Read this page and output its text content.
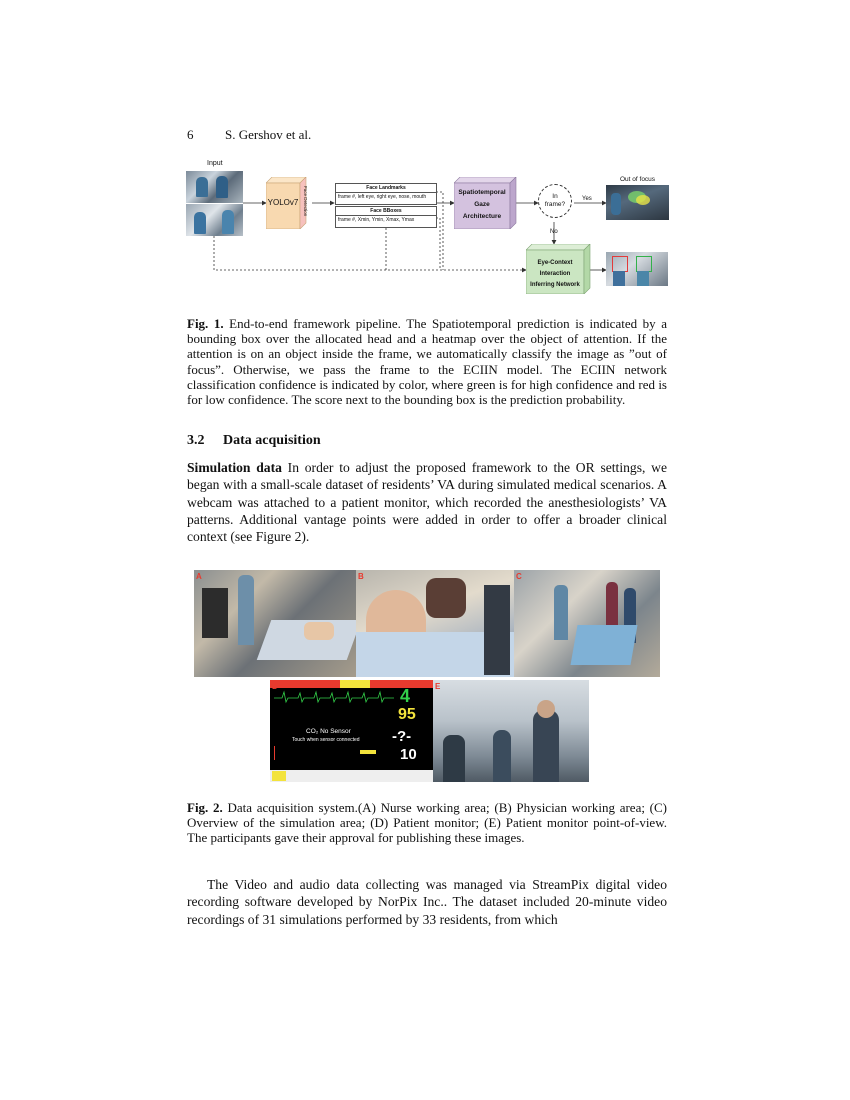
6 S. Gershov et al.
Input
YOLOv7	Face Detection	Face Landmarks
frame #, left eye, right eye, nose, mouth
Face BBoxes
frame #, Xmin, Ymin, Xmax, Ymax
Spatiotemporal
Gaze
Architecture
In
frame?
Yes
No
Out of focus
Eye-Context
Interaction
Inferring Network
Fig. 1. End-to-end framework pipeline. The Spatiotemporal prediction is indicated by a bounding box over the allocated head and a heatmap over the object of attention. If the attention is on an object inside the frame, we automatically classify the image as ”out of focus”. Otherwise, we pass the frame to the ECIIN model. The ECIIN network classification confidence is indicated by color, where green is for high confidence and red is for low confidence. The score next to the bounding box is the prediction probability.
3.2 Data acquisition
Simulation data In order to adjust the proposed framework to the OR settings, we began with a small-scale dataset of residents’ VA during simulated medical scenarios. A webcam was attached to a patient monitor, which recorded the anesthesiologists’ VA patterns. Additional vantage points were added in order to offer a broader clinical context (see Figure 2).
A	B	C
4
95
CO₂ No Sensor
Touch when sensor connected -?-
10
D	E
Fig. 2. Data acquisition system.(A) Nurse working area; (B) Physician working area; (C) Overview of the simulation area; (D) Patient monitor; (E) Patient monitor point-of-view. The participants gave their approval for publishing these images.
The Video and audio data collecting was managed via StreamPix digital video recording software developed by NorPix Inc.. The dataset included 20-minute video recordings of 31 simulations performed by 33 residents, from which
